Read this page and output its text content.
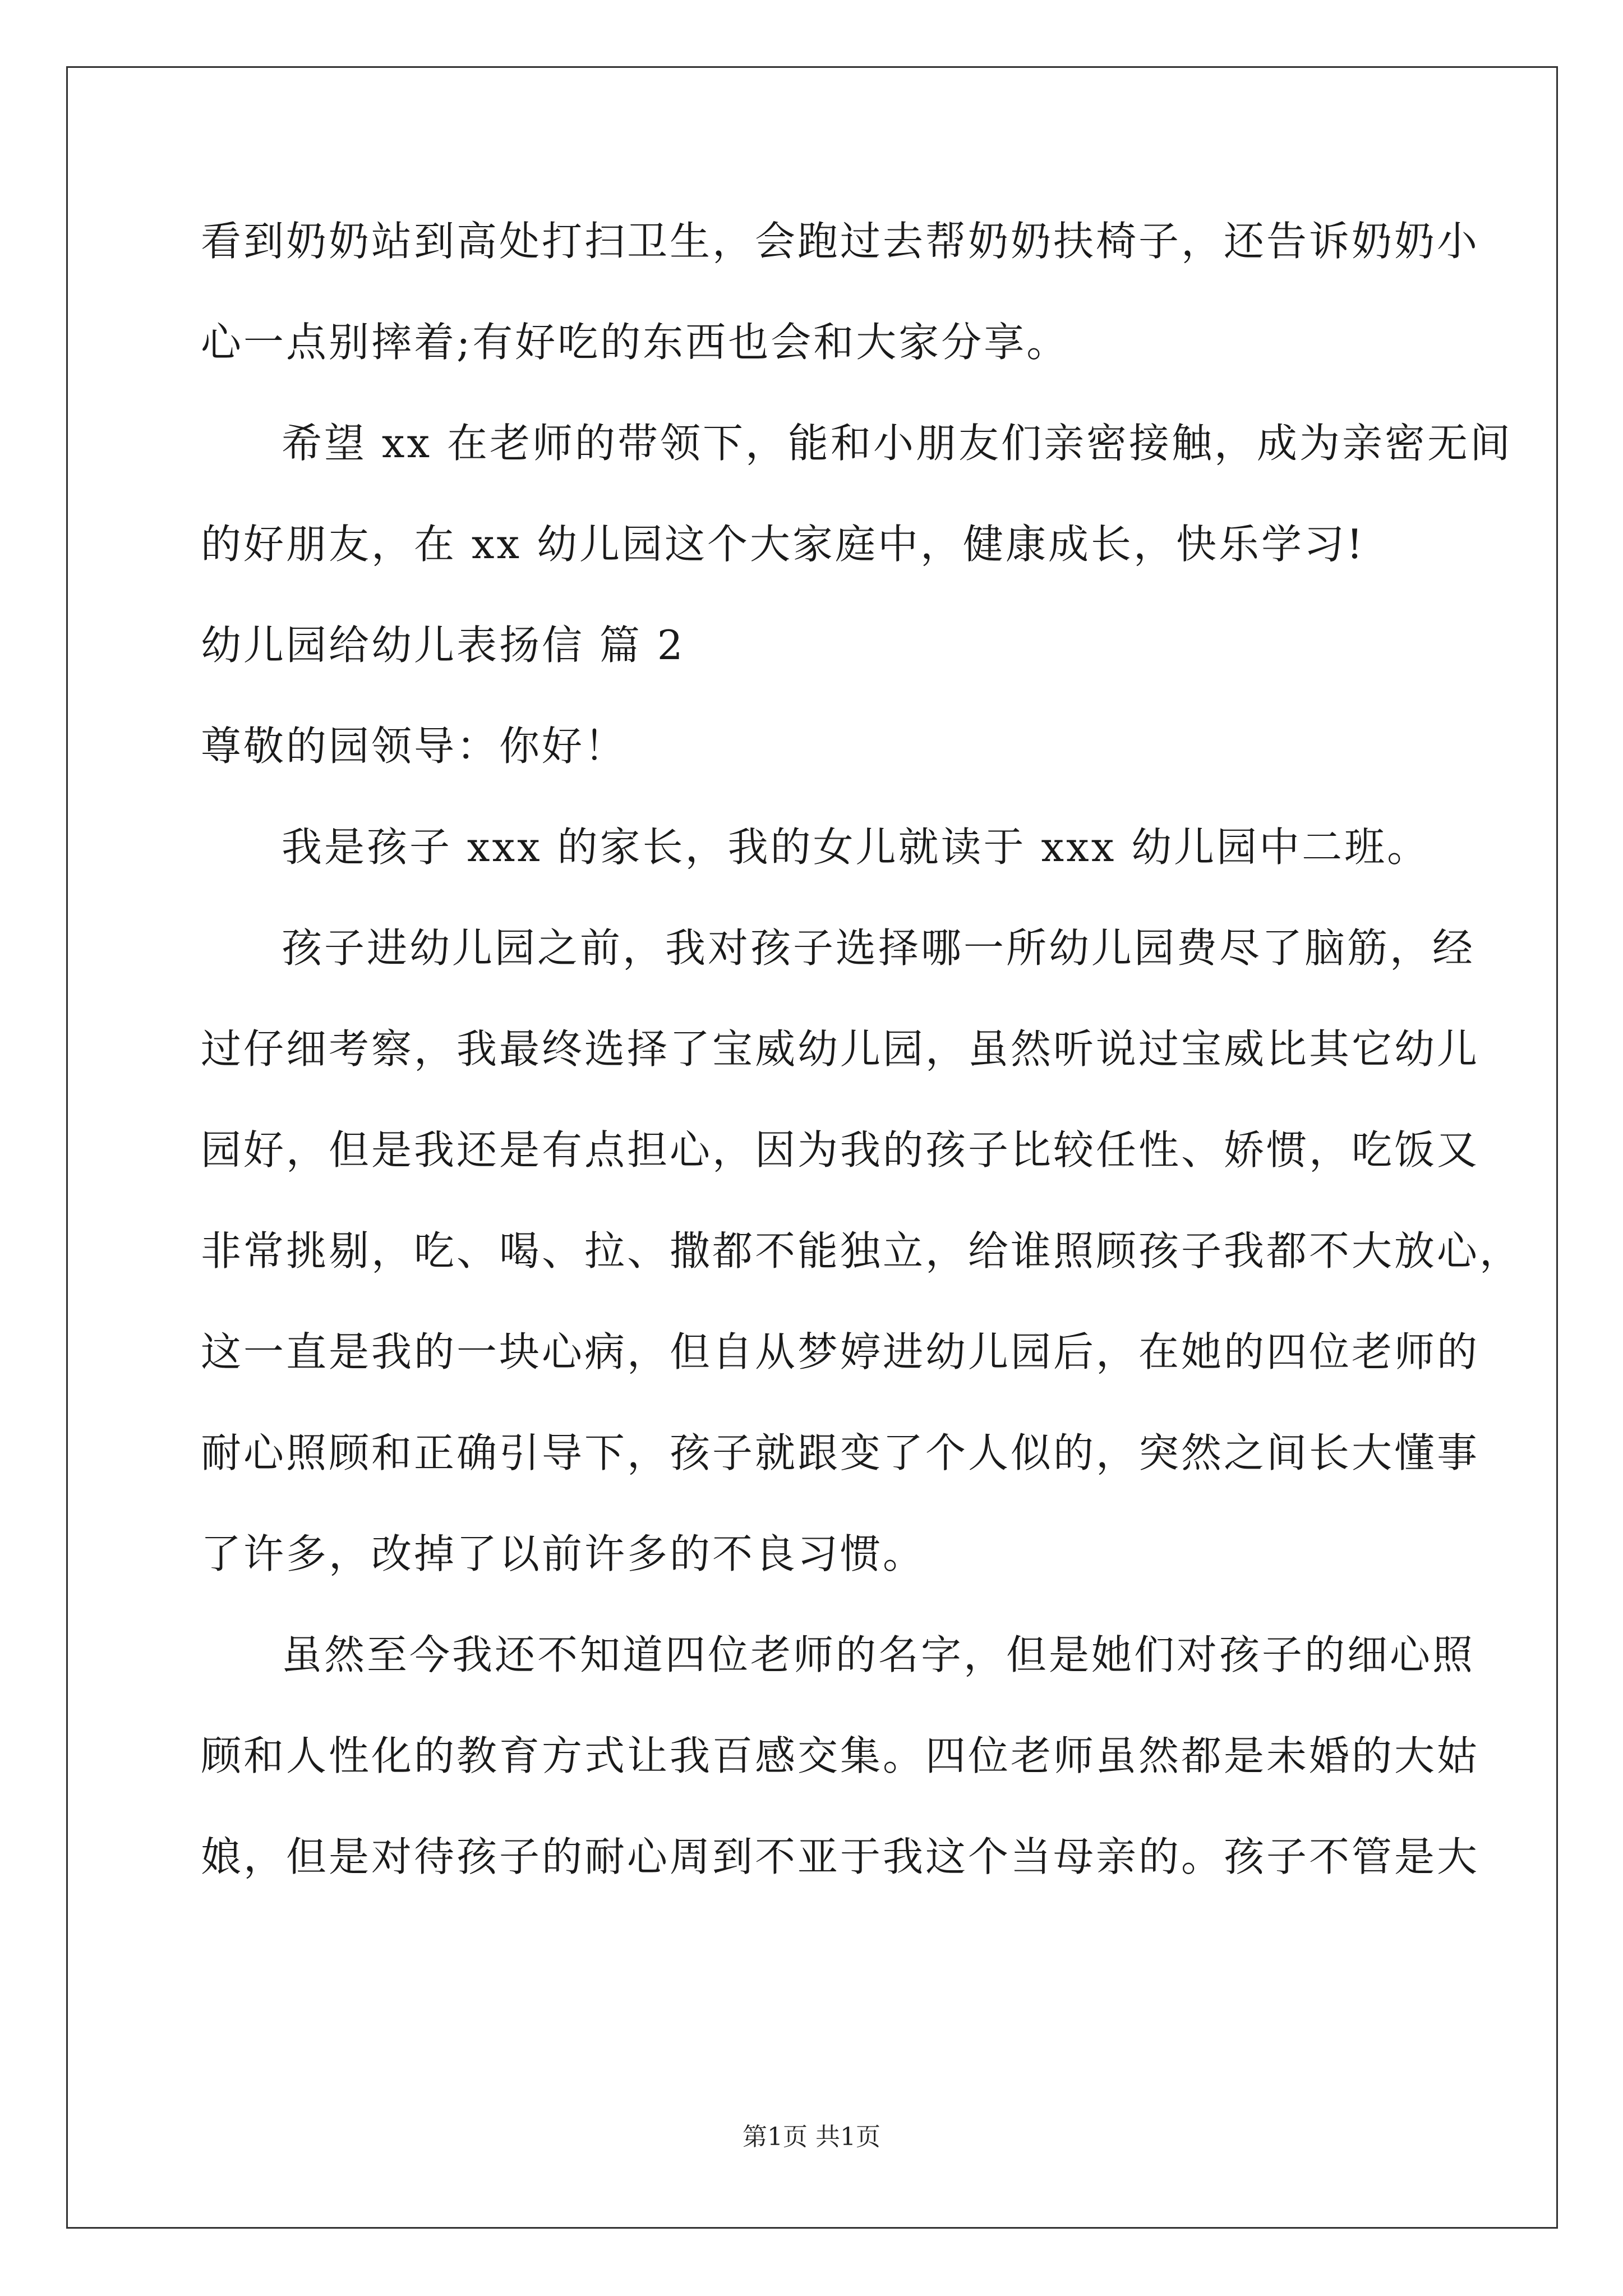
看到奶奶站到高处打扫卫生，会跑过去帮奶奶扶椅子，还告诉奶奶小
心一点别摔着;有好吃的东西也会和大家分享。
希望 xx 在老师的带领下，能和小朋友们亲密接触，成为亲密无间
的好朋友，在 xx 幼儿园这个大家庭中，健康成长，快乐学习!
幼儿园给幼儿表扬信 篇 2
尊敬的园领导：你好！
我是孩子 xxx 的家长，我的女儿就读于 xxx 幼儿园中二班。
孩子进幼儿园之前，我对孩子选择哪一所幼儿园费尽了脑筋，经
过仔细考察，我最终选择了宝威幼儿园，虽然听说过宝威比其它幼儿
园好，但是我还是有点担心，因为我的孩子比较任性、娇惯，吃饭又
非常挑剔，吃、喝、拉、撒都不能独立，给谁照顾孩子我都不大放心，
这一直是我的一块心病，但自从梦婷进幼儿园后，在她的四位老师的
耐心照顾和正确引导下，孩子就跟变了个人似的，突然之间长大懂事
了许多，改掉了以前许多的不良习惯。
虽然至今我还不知道四位老师的名字，但是她们对孩子的细心照
顾和人性化的教育方式让我百感交集。四位老师虽然都是未婚的大姑
娘，但是对待孩子的耐心周到不亚于我这个当母亲的。孩子不管是大
第1页 共1页
